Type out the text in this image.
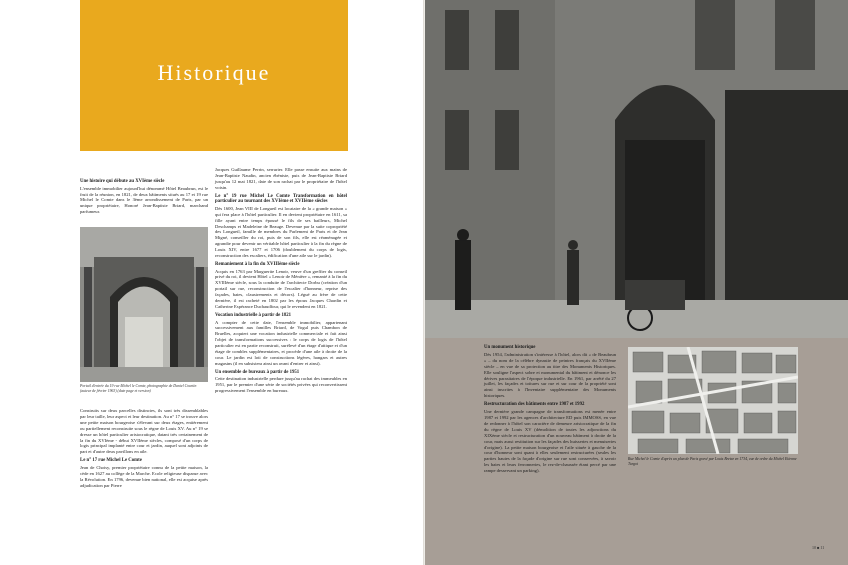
Historique
Une histoire qui débute au XVIème siècle

L'ensemble immobilier aujourd'hui dénommé Hôtel Beaubrun, est le fruit de la réunion, en 1821, de deux bâtiments situés au 17 et 19 rue Michel le Comte dans le 3ème arrondissement de Paris, par un unique propriétaire, Honoré Jean-Baptiste Briard, marchand parfumeur.

Portail d'entrée du 19 rue Michel le Comte, photographie de Daniel Courtin (auteur de février 1963) (date page et version)

Construits sur deux parcelles distinctes, ils sont très dissemblables par leur taille, leur aspect et leur destination. Au n° 17 se trouve alors une petite maison bourgeoise s'élevant sur deux étages, entièrement ou partiellement reconstruite sous le règne de Louis XV. Au n° 19 se dresse un hôtel particulier aristocratique, datant très certainement de la fin du XVIème - début XVIIème siècles, composé d'un corps de logis principal implanté entre cour et jardin, auquel sont adjoints de part et d'autre deux pavillons en aile.

Le n° 17 rue Michel Le Comte

Jean de Choisy, premier propriétaire connu de la petite maison, la cède en 1627 au collège de la Marche. Ecole religieuse disparue avec la Révolution. En 1796, devenue bien national, elle est acquise après adjudication par Pierre

Jacques Guillaume Perrin, serrurier. Elle passe ensuite aux mains de Jean-Baptiste Naudin, ancien ébéniste, puis de Jean-Baptiste Briard jusqu'au 12 mai 1821, date de son rachat par le propriétaire de l'hôtel voisin.

Le n° 19 rue Michel Le Comte Transformation en hôtel particulier au tournant des XVIème et XVIIème siècles

Dès 1600, Jean VIII de Longueil est locataire de la « grande maison » qui fera place à l'hôtel particulier. Il en devient propriétaire en 1611, sa fille ayant entre temps épousé le fils de ses bailleurs, Michel Deschamps et Madeleine de Beauge. Devenue par la suite copropriété des Longueil, famille de membres du Parlement de Paris et de Jean Migné, conseiller du roi, puis de son fils, elle est réaménagée et agrandie pour devenir un véritable hôtel particulier à la fin du règne de Louis XIV, entre 1677 et 1706 (doublement du corps de logis, reconstruction des escaliers, édification d'une aile sur le jardin).

Remaniement à la fin du XVIIIème siècle

Acquis en 1763 par Marguerite Lenoir, veuve d'un greffier du conseil privé du roi, il devient Hôtel « Lenoir de Ménière », remanié à la fin du XVIIIème siècle, sous la conduite de l'architecte Dorbu (création d'un portail sur rue, reconstruction de l'escalier d'honneur, reprise des façades, baies, claustrements et décors). Légué au frère de cette dernière, il est racheté en 1802 par les époux Jacques Chardin et Catherine Espérance Duchaudfour, qui le revendent en 1821.

Vocation industrielle à partir de 1821

A compter de cette date, l'ensemble immobilier, appartenant successivement aux familles Briard, de Vogul puis Chambon de Bruelles, acquiert une vocation industrielle commerciale et fait ainsi l'objet de transformations successives : le corps de logis de l'hôtel particulier est en partie reconstruit, surélevé d'un étage d'attique et d'un étage de combles supplémentaires, et procède d'une aile à droite de la cour. Le jardin est loti de constructions légères, hangars et autres magasins (il en subsistera ainsi un avant d'entrer et ainsi).

Un ensemble de bureaux à partir de 1951

Cette destination industrielle perdure jusqu'au rachat des immeubles en 1951, par le premier d'une série de sociétés privées qui reconvertissent progressivement l'ensemble en bureaux.

Un monument historique

Dès 1954, l'administration s'intéresse à l'hôtel, alors dit « de Beaubrun » – du nom de la célèbre dynastie de peintres français du XVIIème siècle – en vue de sa protection au titre des Monuments Historiques. Elle souligne l'aspect sobre et monumental du bâtiment et dénonce les dérives parasitaires de l'époque industrielle. En 1961, par arrêté du 27 juillet, les façades et toitures sur rue et sur cour de la propriété sont ainsi inscrites à l'Inventaire supplémentaire des Monuments historiques.

Restructuration des bâtiments entre 1987 et 1992

Une dernière grande campagne de transformations est menée entre 1987 et 1992 par les agences d'architecture ED puis IMMOSS, en vue de redonner à l'hôtel son caractère de demeure aristocratique de la fin du règne de Louis XV (démolition de toutes les adjonctions du XIXème siècle et restructuration d'un nouveau bâtiment à droite de la cour, mais aussi restitution sur les façades des huisseries et menuiseries d'origine). La petite maison bourgeoise et l'aile située à gauche de la cour d'honneur sont quant à elles seulement restructurées (seules les parties hautes de la façade d'origine sur rue sont conservées, à savoir les baies et leurs ferronneries, le rez-de-chaussée étant percé par une rampe desservant un parking).

Rue Michel le Comte d'après un plan de Paris gravé par Louis Bretez en 1734, vue de ordre du Michel Etienne Turgot
10 ■ 11
